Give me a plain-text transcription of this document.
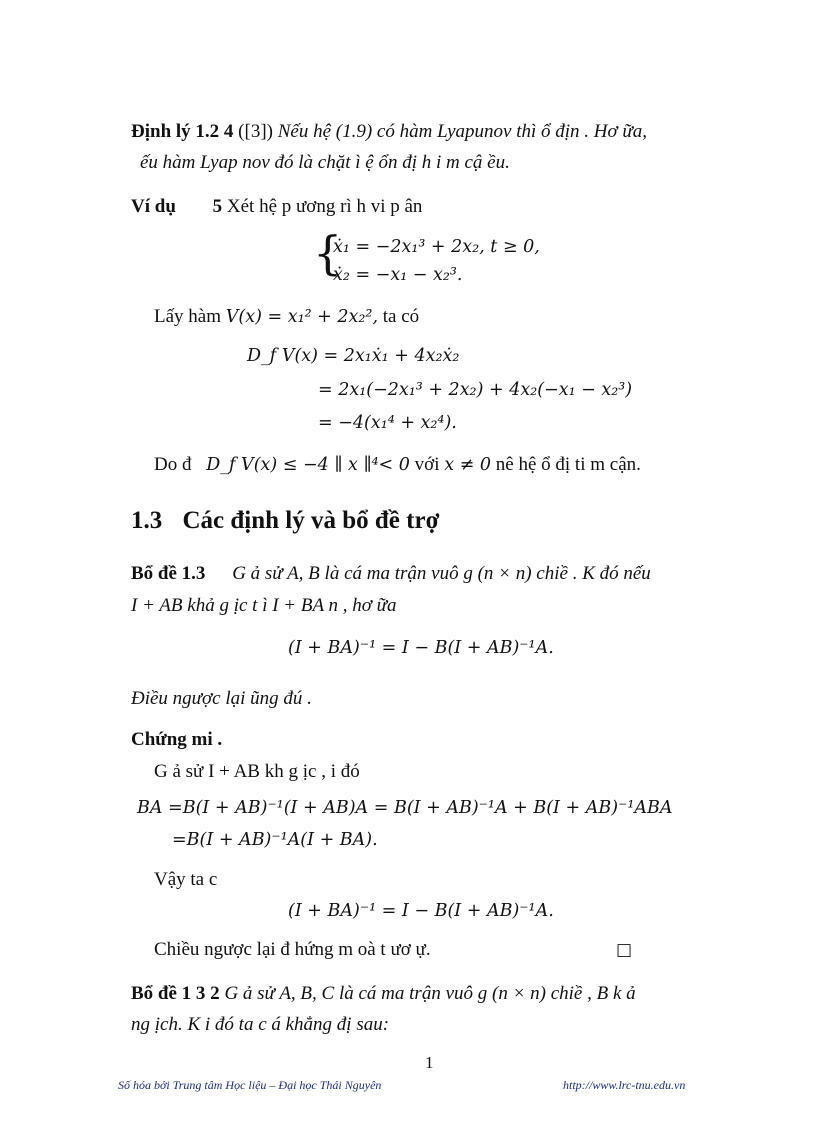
Định lý 1.2 4 ([3]) Nếu hệ (1.9) có hàm Lyapunov thì ổ địn . Hơ ữa,
ếu hàm Lyap nov đó là chặt ì ệ ổn đị h i m cậ ều.
Ví dụ 5 Xét hệ p ương rì h vi p ân
{
ẋ₁ = −2x₁³ + 2x₂, t ≥ 0,
ẋ₂ = −x₁ − x₂³.
Lấy hàm V(x) = x₁² + 2x₂², ta có
D_f V(x) = 2x₁ẋ₁ + 4x₂ẋ₂
= 2x₁(−2x₁³ + 2x₂) + 4x₂(−x₁ − x₂³)
= −4(x₁⁴ + x₂⁴).
Do đ D_f V(x) ≤ −4 ∥ x ∥⁴< 0 với x ≠ 0 nê hệ ổ đị ti m cận.
1.3 Các định lý và bổ đề trợ
Bổ đề 1.3 G ả sử A, B là cá ma trận vuô g (n × n) chiề . K đó nếu
I + AB khả g ịc t ì I + BA n , hơ ữa
(I + BA)⁻¹ = I − B(I + AB)⁻¹A.
Điều ngược lại ũng đú .
Chứng mi .
G ả sử I + AB kh g ịc , i đó
BA =B(I + AB)⁻¹(I + AB)A = B(I + AB)⁻¹A + B(I + AB)⁻¹ABA
=B(I + AB)⁻¹A(I + BA).
Vậy ta c
(I + BA)⁻¹ = I − B(I + AB)⁻¹A.
Chiều ngược lại đ hứng m oà t ươ ự.	□
Bổ đề 1 3 2 G ả sử A, B, C là cá ma trận vuô g (n × n) chiề , B k ả
ng ịch. K i đó ta c á khẳng đị sau:
1
Số hóa bởi Trung tâm Học liệu – Đại học Thái Nguyên	http://www.lrc-tnu.edu.vn
